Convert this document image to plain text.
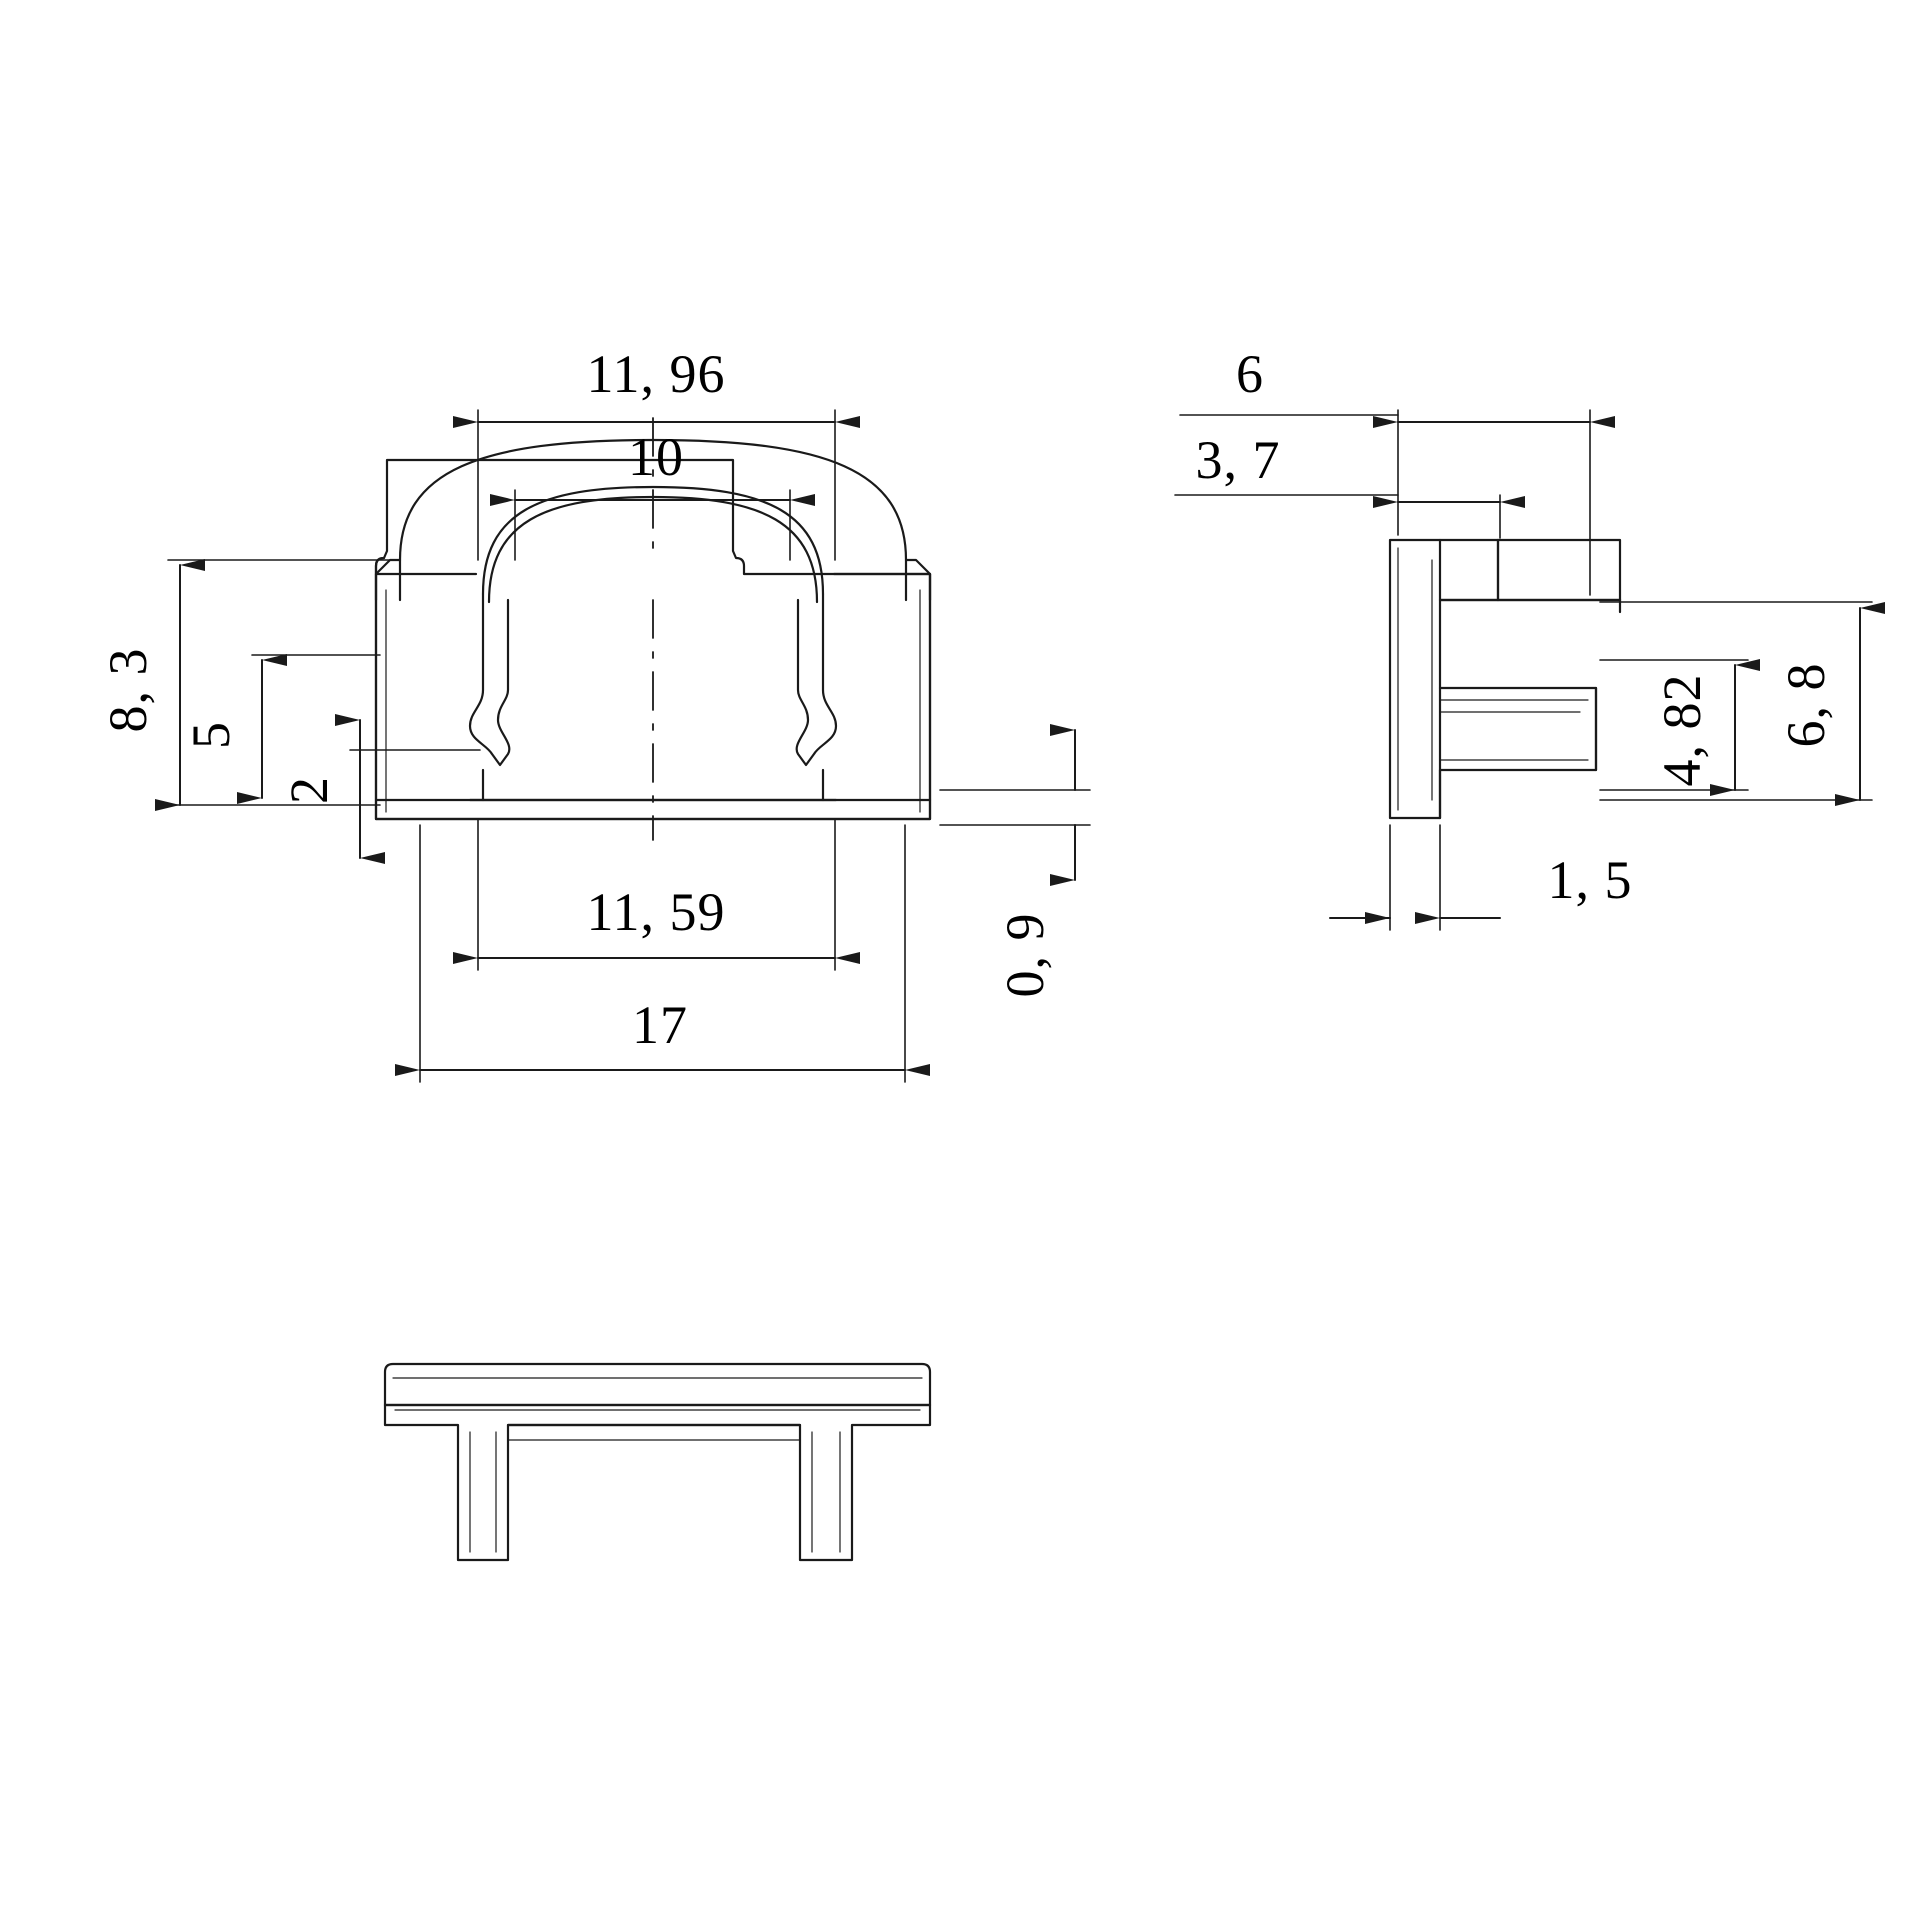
11, 96
10
8, 3
5
2
11, 59
17
0, 9
6
3, 7
6, 8
4, 82
1, 5
